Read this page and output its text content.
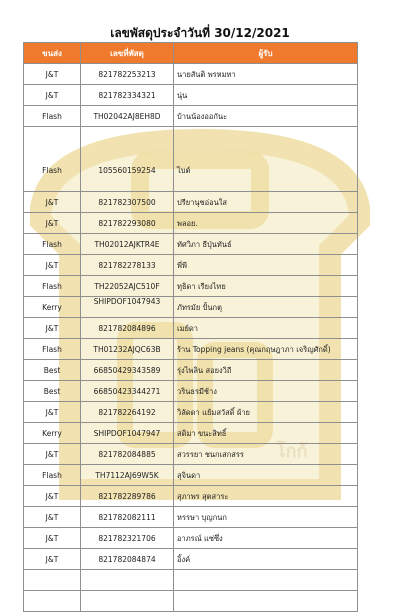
โกก้
เลขพัสดุประจำวันที่ 30/12/2021
ขนส่ง	เลขที่พัสดุ	ผู้รับ
J&T	821782253213	นายสันติ พรหมทา
J&T	821782334321	นุ่น
Flash	TH02042AJ8EH8D	บ้านน้องออกันะ
Flash	105560159254	ไบต์
J&T	821782307500	ปรียานุชอ่อนใส
J&T	821782293080	พลอย.
Flash	TH02012AJKTR4E	ทัศวิภา ธีปุ่นทันธ์
J&T	821782278133	พี่พี
Flash	TH22052AJC510F	ทุธิดา เรียงไทย
Kerry	SHIPDOF1047943	ภัทรมัย ปั้นกตุ
J&T	821782084896	เมย์ดา
Flash	TH01232AJQC63B	ร้าน Topping jeans (คุณกฤษฎาภา เจริญศักดิ์)
Best	66850429343589	รุ่งไพลิน สอยงวิถี
Best	66850423344271	วรินธรมีช้าง
J&T	821782264192	วิลัดดา แย้มสวัสดิ์ ผ้าย
Kerry	SHIPDOF1047947	สดิมา ขนะสิทธิ์
J&T	821782084885	สวรรยา ชนกเสกสรร
Flash	TH7112AJ69W5K	สุจินดา
J&T	821782289786	สุภาพร สุตสาระ
J&T	821782082111	หรรษา บุญกนก
J&T	821782321706	อาภรณ์ แซ่ซึ่ง
J&T	821782084874	อิ้งค์
